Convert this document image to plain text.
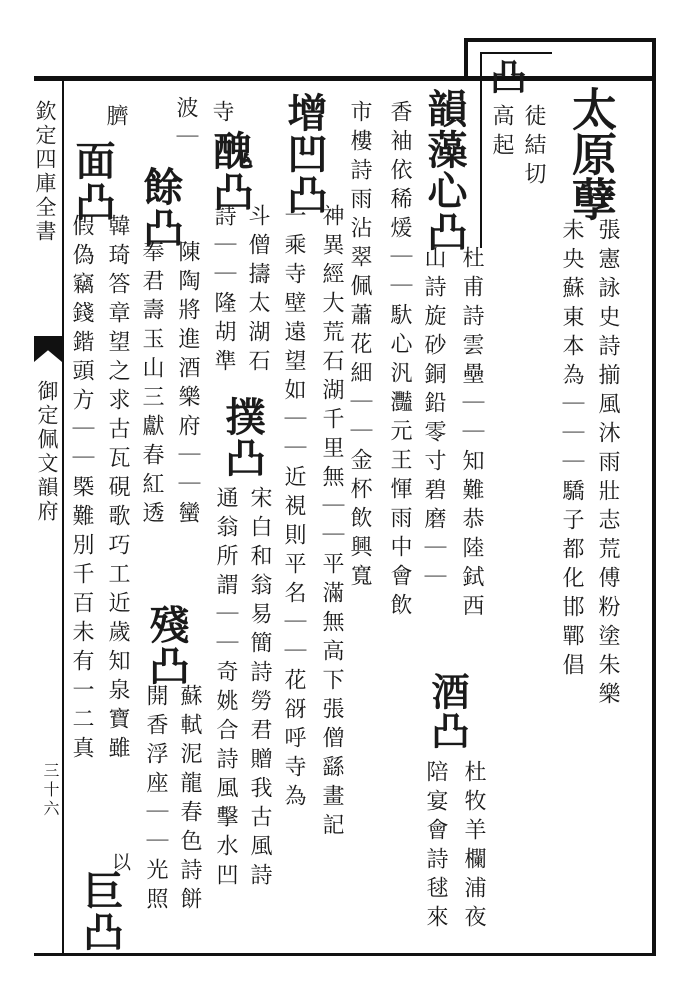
欽定四庫全書
御定佩文韻府
三十六
太原孽
張憲詠史詩揃風沐雨壯志荒傅粉塗朱樂
未央蘇東本為｜｜｜驕子都化邯鄲倡
凸
徒結切
高起
韻藻心凸
杜甫詩雲壘｜｜知難恭陸鉽西
山詩旋砂銅鉛零寸碧磨｜｜
酒凸
杜牧羊欄浦夜
香袖依稀煖｜｜馱心汎灩元王惲雨中會飲
陪宴會詩毬來
市樓詩雨沾翠佩蕭花細｜｜金杯飲興寬
增凹凸
神異經大荒石湖千里無｜｜平滿無高下張僧繇畫記
一乘寺壁遠望如｜｜近視則平名｜｜花谺呼寺為
寺
醜凸
斗僧擣太湖石
撲凸
宋白和翁易簡詩勞君贈我古風詩
詩｜｜隆胡準
通翁所謂｜｜奇姚合詩風擊水凹
波｜
餘凸
陳陶將進酒樂府｜｜蠻
殘凸
蘇軾泥龍春色詩餅
奉君壽玉山三獻春紅透
開香浮座｜｜光照
臍
面凸
韓琦答章望之求古瓦硯歌巧工近歲知泉寶雖
以
假偽竊錢鍇頭方｜｜槩難別千百未有一二真
巨凸
